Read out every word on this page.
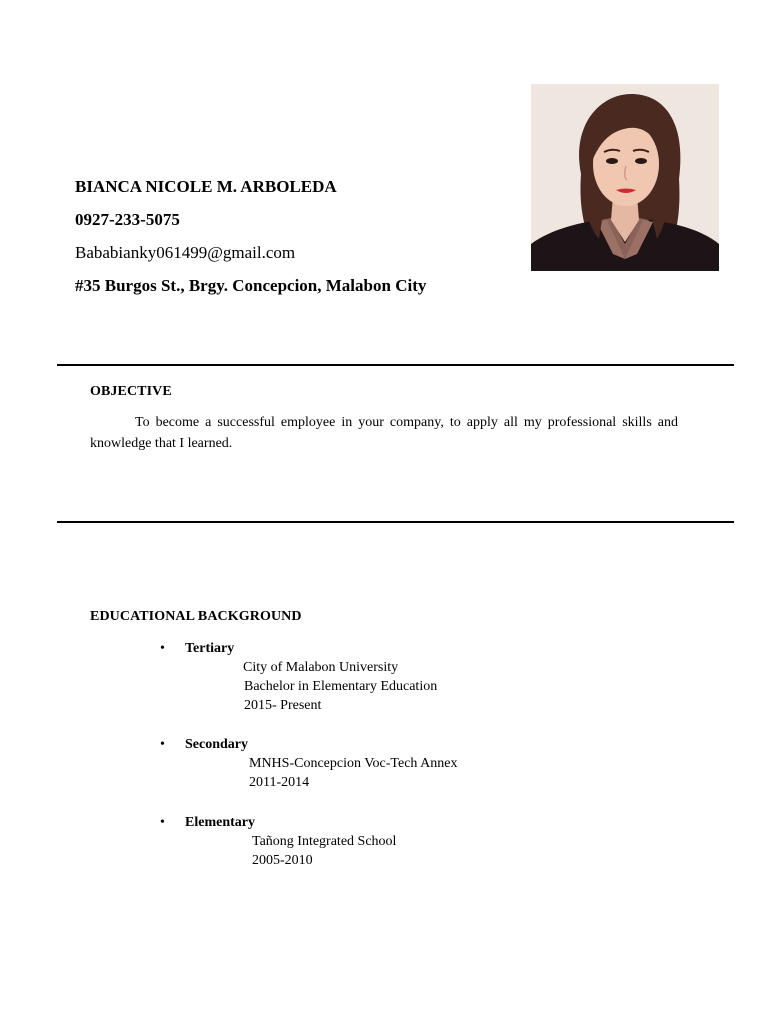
BIANCA NICOLE M. ARBOLEDA
0927-233-5075
Bababianky061499@gmail.com
#35 Burgos St., Brgy. Concepcion, Malabon City
OBJECTIVE

To become a successful employee in your company, to apply all my professional skills and knowledge that I learned.

EDUCATIONAL BACKGROUND
• Tertiary
City of Malabon University
Bachelor in Elementary Education
2015- Present
• Secondary
MNHS-Concepcion Voc-Tech Annex
2011-2014
• Elementary
Tañong Integrated School
2005-2010
